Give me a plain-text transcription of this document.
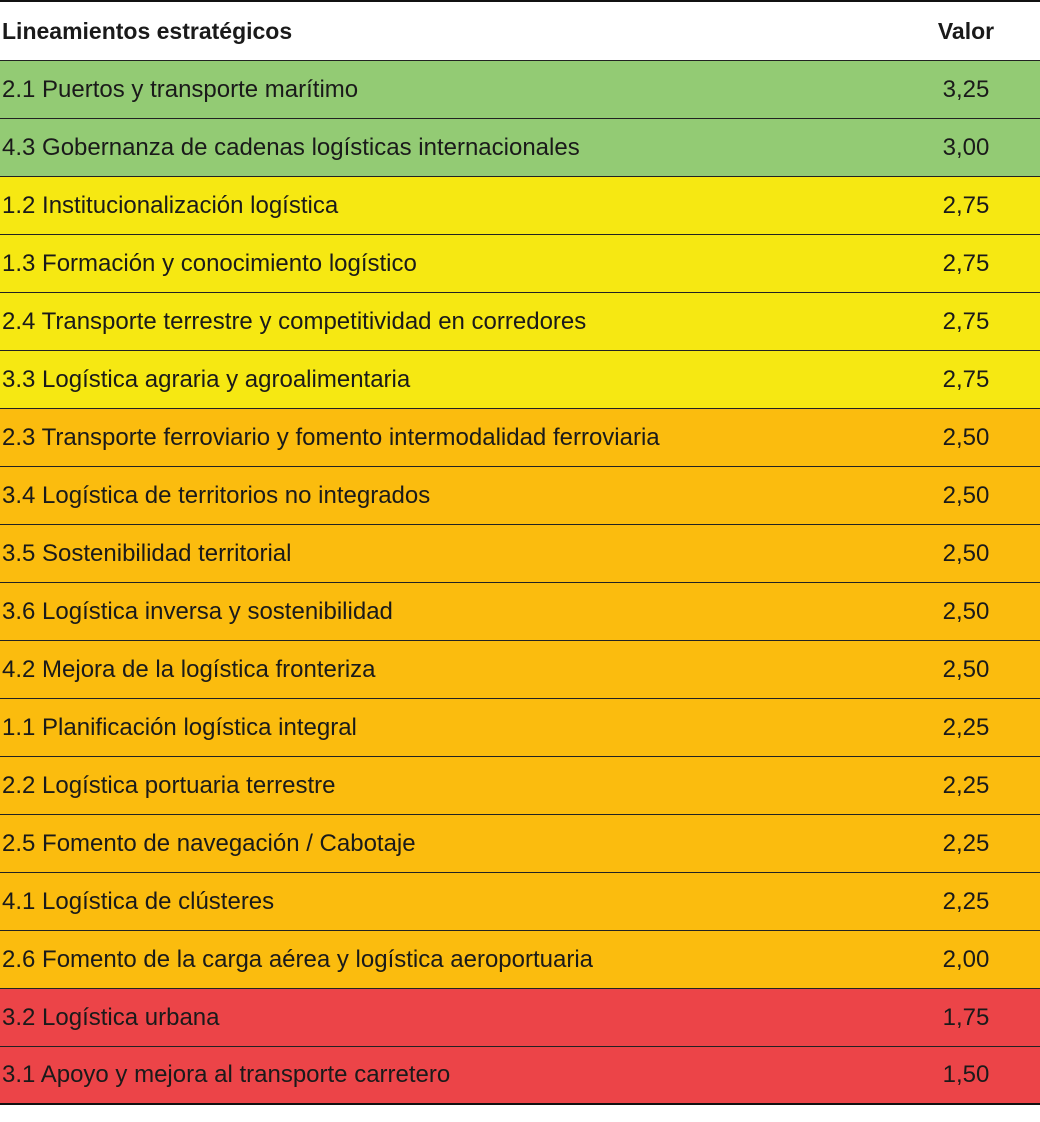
Lineamientos estratégicos	Valor
2.1 Puertos y transporte marítimo	3,25
4.3 Gobernanza de cadenas logísticas internacionales	3,00
1.2 Institucionalización logística	2,75
1.3 Formación y conocimiento logístico	2,75
2.4 Transporte terrestre y competitividad en corredores	2,75
3.3 Logística agraria y agroalimentaria	2,75
2.3 Transporte ferroviario y fomento intermodalidad ferroviaria	2,50
3.4 Logística de territorios no integrados	2,50
3.5 Sostenibilidad territorial	2,50
3.6 Logística inversa y sostenibilidad	2,50
4.2 Mejora de la logística fronteriza	2,50
1.1 Planificación logística integral	2,25
2.2 Logística portuaria terrestre	2,25
2.5 Fomento de navegación / Cabotaje	2,25
4.1 Logística de clústeres	2,25
2.6 Fomento de la carga aérea y logística aeroportuaria	2,00
3.2 Logística urbana	1,75
3.1 Apoyo y mejora al transporte carretero	1,50
